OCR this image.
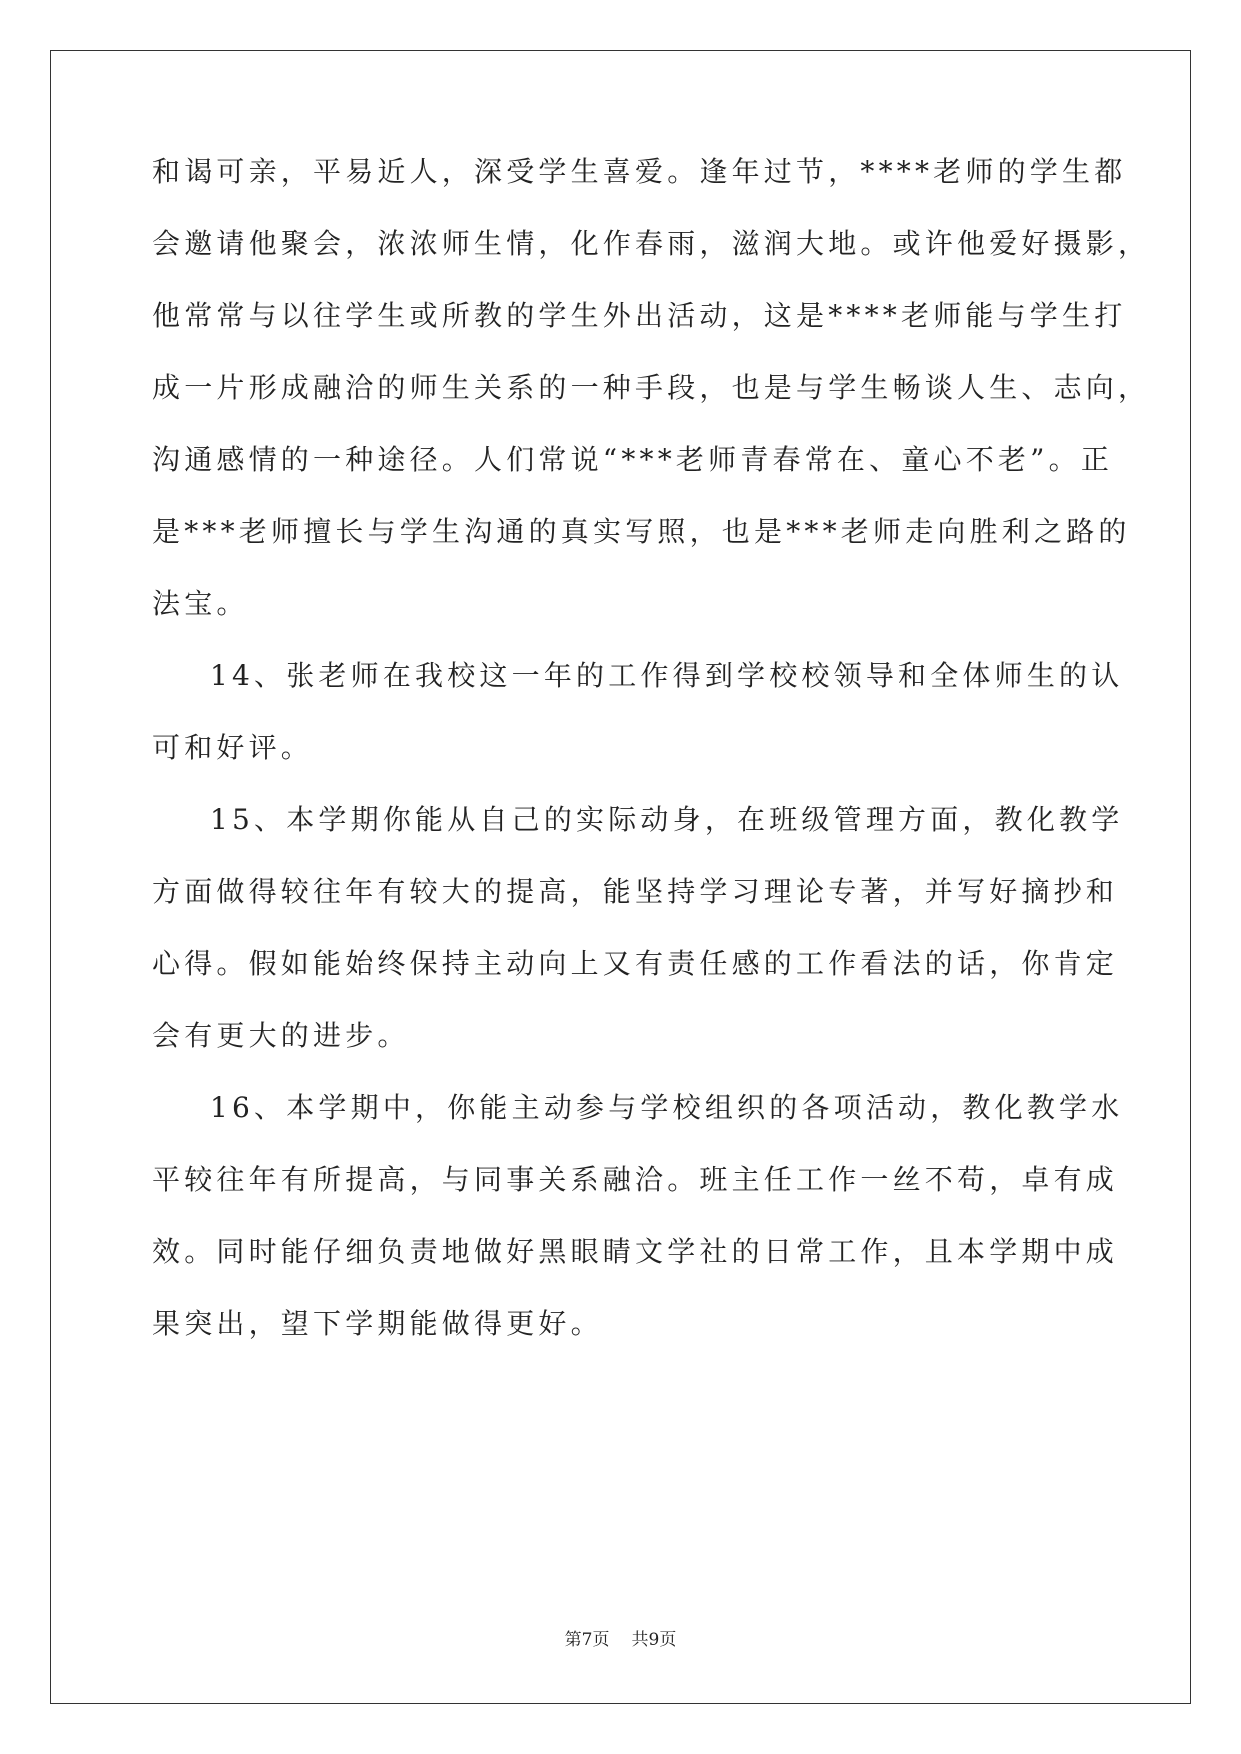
和谒可亲，平易近人，深受学生喜爱。逢年过节，****老师的学生都
会邀请他聚会，浓浓师生情，化作春雨，滋润大地。或许他爱好摄影，
他常常与以往学生或所教的学生外出活动，这是****老师能与学生打
成一片形成融洽的师生关系的一种手段，也是与学生畅谈人生、志向，
沟通感情的一种途径。人们常说“***老师青春常在、童心不老”。正
是***老师擅长与学生沟通的真实写照，也是***老师走向胜利之路的
法宝。
14、张老师在我校这一年的工作得到学校校领导和全体师生的认
可和好评。
15、本学期你能从自己的实际动身，在班级管理方面，教化教学
方面做得较往年有较大的提高，能坚持学习理论专著，并写好摘抄和
心得。假如能始终保持主动向上又有责任感的工作看法的话，你肯定
会有更大的进步。
16、本学期中，你能主动参与学校组织的各项活动，教化教学水
平较往年有所提高，与同事关系融洽。班主任工作一丝不苟，卓有成
效。同时能仔细负责地做好黑眼睛文学社的日常工作，且本学期中成
果突出，望下学期能做得更好。
第7页 共9页
